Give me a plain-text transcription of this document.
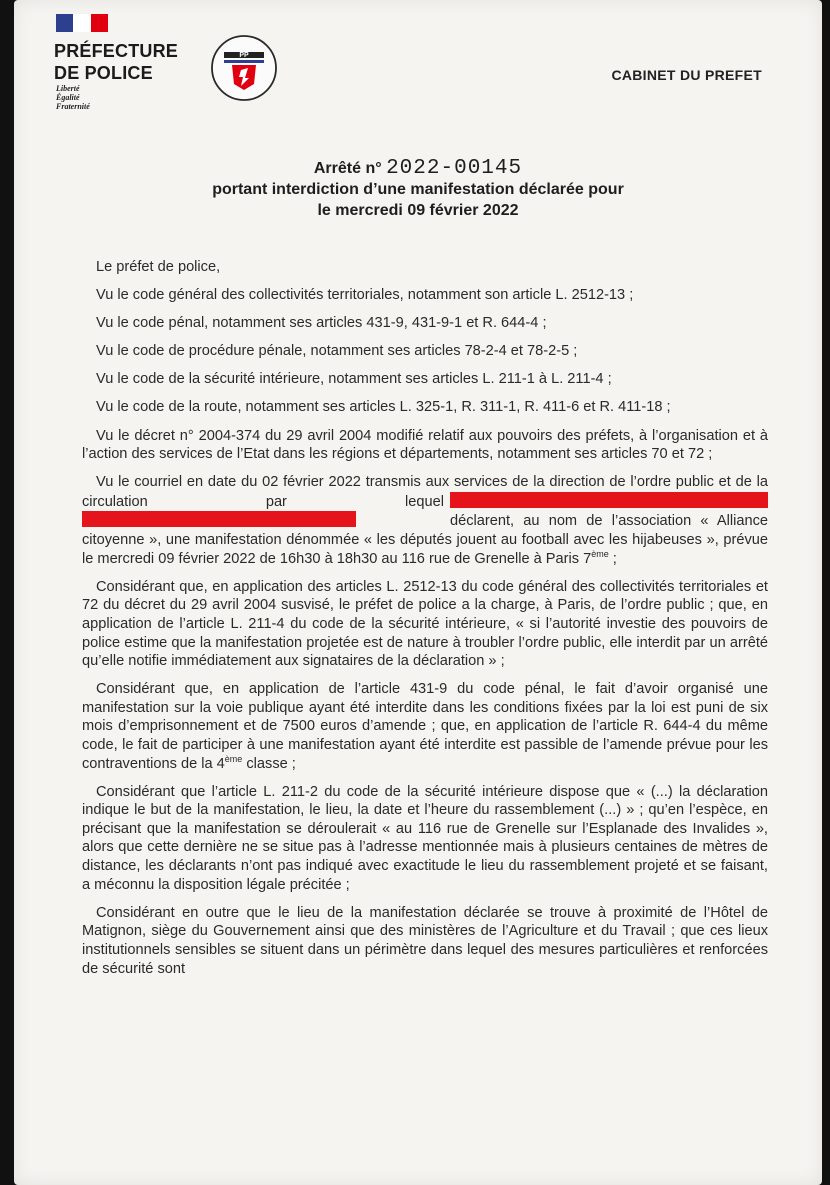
PRÉFECTURE
DE POLICE
Liberté
Égalité
Fraternité
PP
CABINET DU PREFET
Arrêté n° 2022-00145
portant interdiction d’une manifestation déclarée pour
le mercredi 09 février 2022

Le préfet de police,

Vu le code général des collectivités territoriales, notamment son article L. 2512-13 ;

Vu le code pénal, notamment ses articles 431-9, 431-9-1 et R. 644-4 ;

Vu le code de procédure pénale, notamment ses articles 78-2-4 et 78-2-5 ;

Vu le code de la sécurité intérieure, notamment ses articles L. 211-1 à L. 211-4 ;

Vu le code de la route, notamment ses articles L. 325-1, R. 311-1, R. 411-6 et R. 411-18 ;

Vu le décret n° 2004-374 du 29 avril 2004 modifié relatif aux pouvoirs des préfets, à l’organisation et à l’action des services de l’Etat dans les régions et départements, notamment ses articles 70 et 72 ;

Vu le courriel en date du 02 février 2022 transmis aux services de la direction de l’ordre public et de la circulation par lequel déclarent, au nom de l’association « Alliance citoyenne », une manifestation dénommée « les députés jouent au football avec les hijabeuses », prévue le mercredi 09 février 2022 de 16h30 à 18h30 au 116 rue de Grenelle à Paris 7ème ;

Considérant que, en application des articles L. 2512-13 du code général des collectivités territoriales et 72 du décret du 29 avril 2004 susvisé, le préfet de police a la charge, à Paris, de l’ordre public ; que, en application de l’article L. 211-4 du code de la sécurité intérieure, « si l’autorité investie des pouvoirs de police estime que la manifestation projetée est de nature à troubler l’ordre public, elle interdit par un arrêté qu’elle notifie immédiatement aux signataires de la déclaration » ;

Considérant que, en application de l’article 431-9 du code pénal, le fait d’avoir organisé une manifestation sur la voie publique ayant été interdite dans les conditions fixées par la loi est puni de six mois d’emprisonnement et de 7500 euros d’amende ; que, en application de l’article R. 644-4 du même code, le fait de participer à une manifestation ayant été interdite est passible de l’amende prévue pour les contraventions de la 4ème classe ;

Considérant que l’article L. 211-2 du code de la sécurité intérieure dispose que « (...) la déclaration indique le but de la manifestation, le lieu, la date et l’heure du rassemblement (...) » ; qu’en l’espèce, en précisant que la manifestation se déroulerait « au 116 rue de Grenelle sur l’Esplanade des Invalides », alors que cette dernière ne se situe pas à l’adresse mentionnée mais à plusieurs centaines de mètres de distance, les déclarants n’ont pas indiqué avec exactitude le lieu du rassemblement projeté et se faisant, a méconnu la disposition légale précitée ;

Considérant en outre que le lieu de la manifestation déclarée se trouve à proximité de l’Hôtel de Matignon, siège du Gouvernement ainsi que des ministères de l’Agriculture et du Travail ; que ces lieux institutionnels sensibles se situent dans un périmètre dans lequel des mesures particulières et renforcées de sécurité sont
